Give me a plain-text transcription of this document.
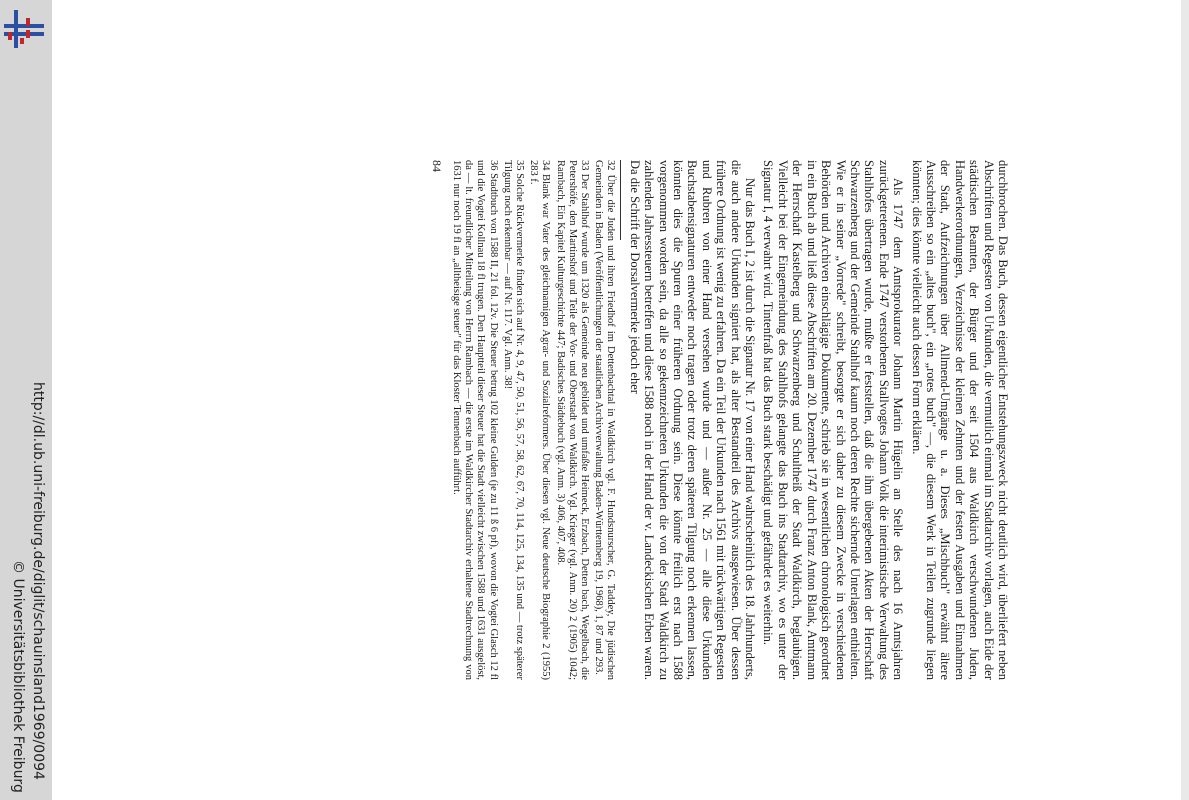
http://dl.ub.uni-freiburg.de/diglit/schauinsland1969/0094
© Universitätsbibliothek Freiburg	durchbrochen. Das Buch, dessen eigentlicher Entstehungszweck nicht deutlich wird, überliefert neben Abschriften und Regesten von Urkunden, die vermutlich einmal im Stadtarchiv vorlagen, auch Eide der städtischen Beamten, der Bürger und der seit 1504 aus Waldkirch verschwundenen Juden, Handwerkerordnungen, Verzeichnisse der kleinen Zehnten und der festen Ausgaben und Einnahmen der Stadt, Aufzeichnungen über Allmend-Umgänge u. a. Dieses „Mischbuch" erwähnt ältere Ausschreiben so ein „altes buch", ein „rotes buch" —, die diesem Werk in Teilen zugrunde liegen könnten; dies könnte vielleicht auch dessen Form erklären.

Als 1747 dem Amtsprokurator Johann Martin Hügelin an Stelle des nach 16 Amtsjahren zurückgetretenen. Ende 1747 verstorbenen Stallvogtes Johann Volk die interimistische Verwaltung des Stahlhofes übertragen wurde, mußte er feststellen, daß die ihm übergebenen Akten der Herrschaft Schwarzenberg und der Gemeinde Stahlhof kaum noch deren Rechte sichernde Unterlagen enthielten. Wie er in seiner „Vorrede" schreibt, besorgte er sich daher zu diesem Zwecke in verschiedenen Behörden und Archiven einschlägige Dokumente, schrieb sie in wesentlichen chronologisch geordnet in ein Buch ab und ließ diese Abschriften am 20. Dezember 1747 durch Franz Anton Blank, Amtmann der Herrschaft Kastelberg und Schwarzenberg und Schultheiß der Stadt Waldkirch, beglaubigen. Vielleicht bei der Eingemeindung des Stahlhofs gelangte das Buch ins Stadtarchiv, wo es unter der Signatur I, 4 verwahrt wird. Tintenfraß hat das Buch stark beschädigt und gefährdet es weiterhin.

Nur das Buch I, 2 ist durch die Signatur Nr. 17 von einer Hand wahrscheinlich des 18. Jahrhunderts, die auch andere Urkunden signiert hat, als alter Bestandteil des Archivs ausgewiesen. Über dessen frühere Ordnung ist wenig zu erfahren. Da ein Teil der Urkunden nach 1561 mit rückwärtigen Regesten und Rubren von einer Hand versehen wurde und — außer Nr. 25 — alle diese Urkunden Buchstabensignaturen entweder noch tragen oder trotz deren späteren Tilgung noch erkennen lassen, könnten dies die Spuren einer früheren Ordnung sein. Diese könnte freilich erst nach 1588 vorgenommen worden sein, da alle so gekennzeichneten Urkunden die von der Stadt Waldkirch zu zahlenden Jahressteuern betreffen und diese 1588 noch in der Hand der v. Landeckischen Erben waren. Da die Schrift der Dorsalvermerke jedoch eher

32 Über die Juden und ihren Friedhof im Dettenbachtal in Waldkirch vgl. F. Hundsnurscher, G. Taddey, Die jüdischen Gemeinden in Baden (Veröffentlichungen der staatlichen Archivverwaltung Baden-Württemberg 19, 1968), 1, 87 und 293.

33 Der Stahlhof wurde um 1320 als Gemeinde neu gebildet und umfaßte Heimeck, Erzbach, Detten bach, Wegelbach, die Petershöfe, den Martinshof und Teile der Vor- und Oberstadt von Waldkirch. Vgl. Krieger (vgl. Anm. 20) 2 (1905) 1042; Rambach, Ein Kapitel Kulturgeschichte 447; Badisches Städtebuch (vgl. Anm. 3) 406, 407, 408.

34 Blank war Vater des gleichnamigen Agrar- und Sozialreformers. Über diesen vgl. Neue deutsche Biographie 2 (1955) 283 f.

35 Solche Rückvermerke finden sich auf Nr. 4, 9, 47, 50, 51, 56, 57, 58, 62, 67, 70, 114, 125, 134, 135 und — trotz späterer Tilgung noch erkennbar — auf Nr. 117. Vgl. Anm. 38!

36 Stadtbuch von 1588 II, 21 fol. 12v. Die Steuer betrug 102 kleine Gulden (je zu 11 ß 6 pf), wovon die Vogtei Glasch 12 fl und die Vogtei Kollnau 18 fl trugen. Den Hauptteil dieser Steuer hat die Stadt vielleicht zwischen 1588 und 1631 ausgelöst, da — lt. freundlicher Mitteilung von Herrn Rambach — die erste im Waldkircher Stadtarchiv erhaltene Stadtrechnung von 1631 nur noch 19 fl an „alltheisige steuer" für das Kloster Tennenbach aufführt.

84
